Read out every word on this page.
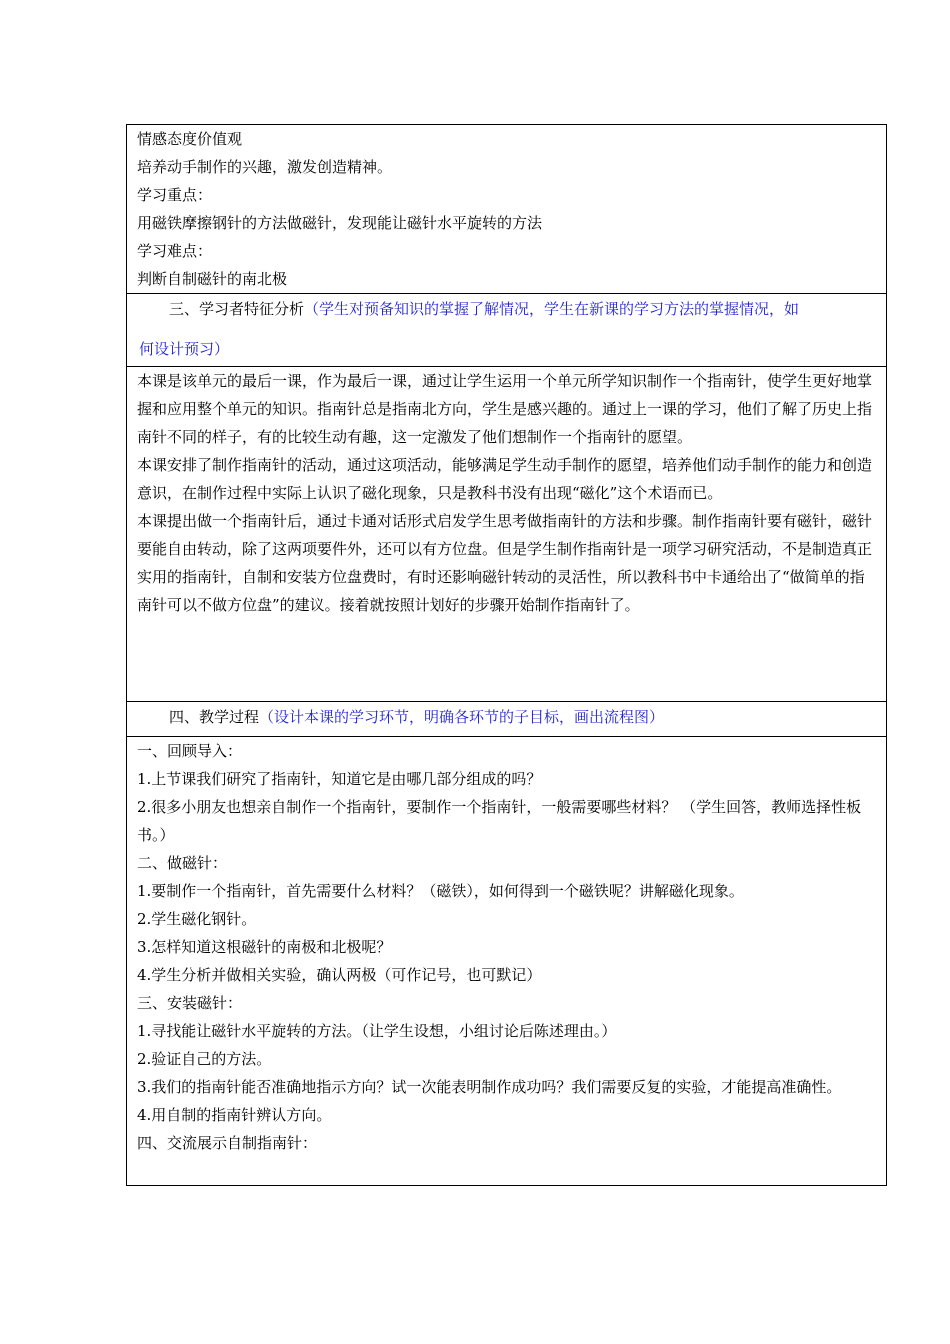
情感态度价值观

培养动手制作的兴趣，激发创造精神。

学习重点：

用磁铁摩擦钢针的方法做磁针，发现能让磁针水平旋转的方法

学习难点：

判断自制磁针的南北极

三、学习者特征分析（学生对预备知识的掌握了解情况，学生在新课的学习方法的掌握情况，如

何设计预习）

本课是该单元的最后一课，作为最后一课，通过让学生运用一个单元所学知识制作一个指南针，使学生更好地掌握和应用整个单元的知识。指南针总是指南北方向，学生是感兴趣的。通过上一课的学习，他们了解了历史上指南针不同的样子，有的比较生动有趣，这一定激发了他们想制作一个指南针的愿望。

本课安排了制作指南针的活动，通过这项活动，能够满足学生动手制作的愿望，培养他们动手制作的能力和创造意识，在制作过程中实际上认识了磁化现象，只是教科书没有出现“磁化”这个术语而已。

本课提出做一个指南针后，通过卡通对话形式启发学生思考做指南针的方法和步骤。制作指南针要有磁针，磁针要能自由转动，除了这两项要件外，还可以有方位盘。但是学生制作指南针是一项学习研究活动，不是制造真正实用的指南针，自制和安装方位盘费时，有时还影响磁针转动的灵活性，所以教科书中卡通给出了“做简单的指南针可以不做方位盘”的建议。接着就按照计划好的步骤开始制作指南针了。

四、教学过程（设计本课的学习环节，明确各环节的子目标，画出流程图）

一、回顾导入：

1.上节课我们研究了指南针，知道它是由哪几部分组成的吗？

2.很多小朋友也想亲自制作一个指南针，要制作一个指南针，一般需要哪些材料？ （学生回答，教师选择性板书。）

二、做磁针：

1.要制作一个指南针，首先需要什么材料？（磁铁），如何得到一个磁铁呢？讲解磁化现象。

2.学生磁化钢针。

3.怎样知道这根磁针的南极和北极呢？

4.学生分析并做相关实验，确认两极（可作记号，也可默记）

三、安装磁针：

1.寻找能让磁针水平旋转的方法。（让学生设想，小组讨论后陈述理由。）

2.验证自己的方法。

3.我们的指南针能否准确地指示方向？试一次能表明制作成功吗？我们需要反复的实验，才能提高准确性。

4.用自制的指南针辨认方向。

四、交流展示自制指南针：
